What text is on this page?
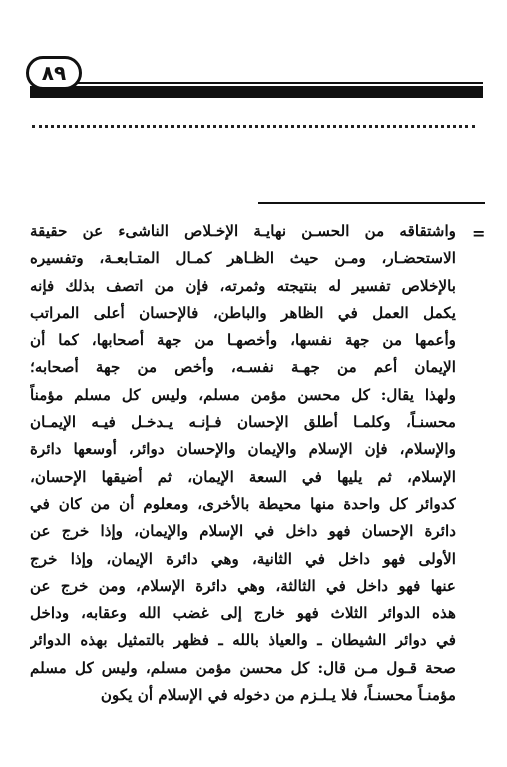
٨٩
=
واشتقاقه من الحسـن نهايـة الإخـلاص الناشىء عن حقيقة
الاستحضـار، ومـن حيث الظـاهر كمـال المتـابعـة، وتفسيره
بالإخلاص تفسير له بنتيجته وثمرته، فإن من اتصف بذلك فإنه
يكمل العمل في الظاهر والباطن، فالإحسان أعلى المراتب
وأعمها من جهة نفسها، وأخصهـا من جهة أصحابها، كما أن
الإيمان أعم من جهـة نفسـه، وأخص من جهة أصحابه؛
ولهذا يقال: كل محسن مؤمن مسلم، وليس كل مسلم مؤمناً
محسنـاً، وكلمـا أطلق الإحسان فـإنـه يـدخـل فيـه الإيمـان
والإسلام، فإن الإسلام والإيمان والإحسان دوائر، أوسعها دائرة
الإسلام، ثم يليها في السعة الإيمان، ثم أضيقها الإحسان،
كدوائر كل واحدة منها محيطة بالأخرى، ومعلوم أن من كان في
دائرة الإحسان فهو داخل في الإسلام والإيمان، وإذا خرج عن
الأولى فهو داخل في الثانية، وهي دائرة الإيمان، وإذا خرج
عنها فهو داخل في الثالثة، وهي دائرة الإسلام، ومن خرج عن
هذه الدوائر الثلاث فهو خارج إلى غضب الله وعقابه، وداخل
في دوائر الشيطان ـ والعياذ بالله ـ فظهر بالتمثيل بهذه الدوائر
صحة قـول مـن قال: كل محسن مؤمن مسلم، وليس كل مسلم
مؤمنـاً محسنـاً، فلا يـلـزم من دخوله في الإسلام أن يكون
